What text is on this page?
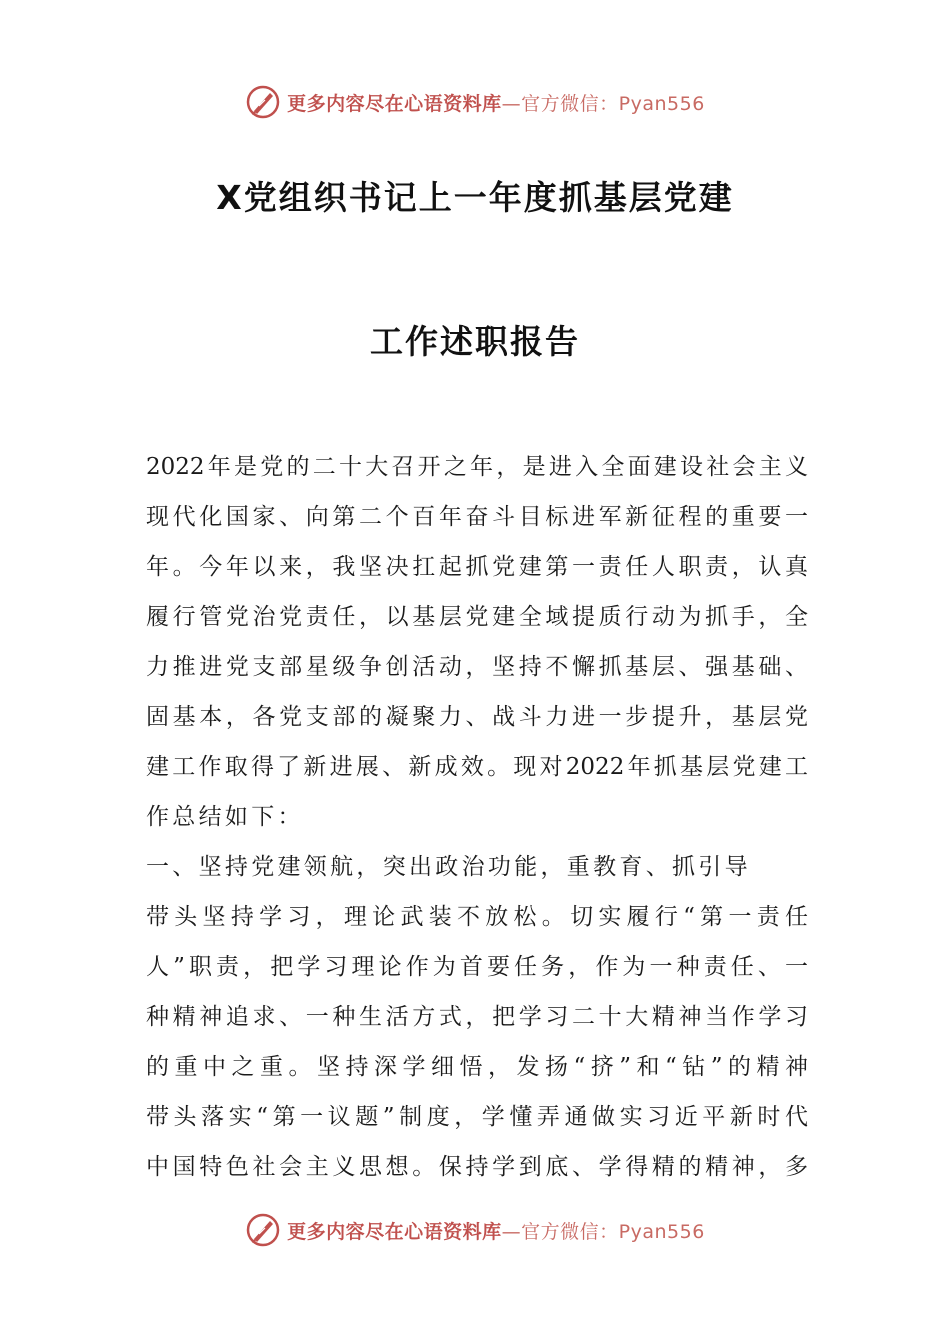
更多内容尽在心语资料库—官方微信：Pyan556
X党组织书记上一年度抓基层党建
工作述职报告
2022年是党的二十大召开之年，是进入全面建设社会主义
现代化国家、向第二个百年奋斗目标进军新征程的重要一
年。今年以来，我坚决扛起抓党建第一责任人职责，认真
履行管党治党责任，以基层党建全域提质行动为抓手，全
力推进党支部星级争创活动，坚持不懈抓基层、强基础、
固基本，各党支部的凝聚力、战斗力进一步提升，基层党
建工作取得了新进展、新成效。现对2022年抓基层党建工
作总结如下：
一、坚持党建领航，突出政治功能，重教育、抓引导
带头坚持学习，理论武装不放松。切实履行“第一责任
人”职责，把学习理论作为首要任务，作为一种责任、一
种精神追求、一种生活方式，把学习二十大精神当作学习
的重中之重。坚持深学细悟，发扬“挤”和“钻”的精神
带头落实“第一议题”制度，学懂弄通做实习近平新时代
中国特色社会主义思想。保持学到底、学得精的精神，多
更多内容尽在心语资料库—官方微信：Pyan556
